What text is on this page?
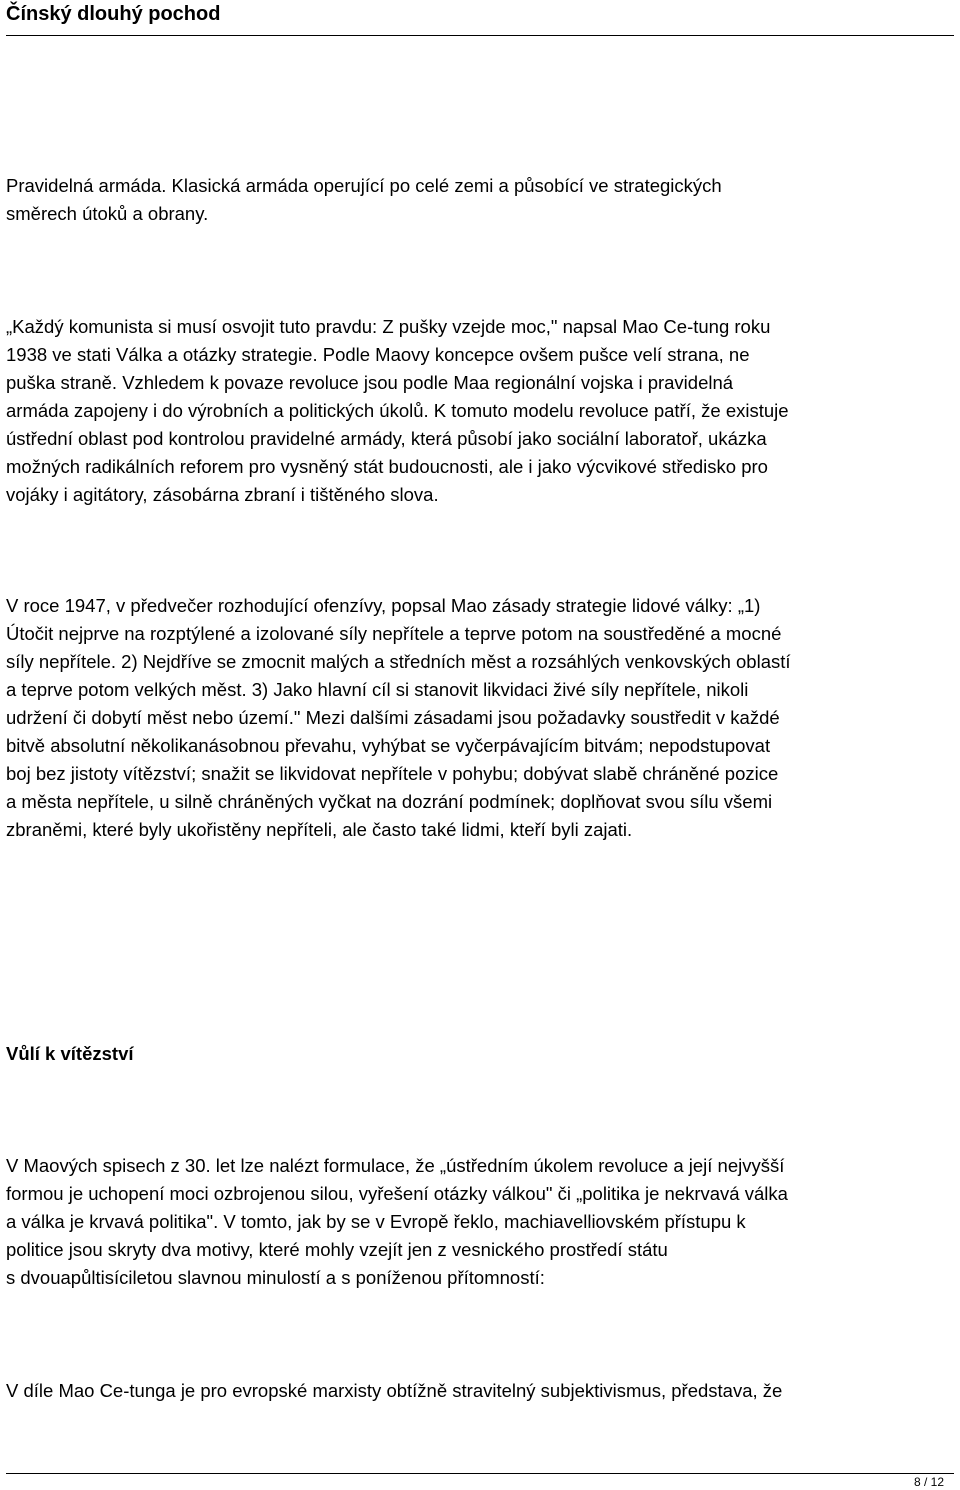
Čínský dlouhý pochod
Pravidelná armáda. Klasická armáda operující po celé zemi a působící ve strategických
směrech útoků a obrany.
„Každý komunista si musí osvojit tuto pravdu: Z pušky vzejde moc," napsal Mao Ce-tung roku
1938 ve stati Válka a otázky strategie. Podle Maovy koncepce ovšem pušce velí strana, ne
puška straně. Vzhledem k povaze revoluce jsou podle Maa regionální vojska i pravidelná
armáda zapojeny i do výrobních a politických úkolů. K tomuto modelu revoluce patří, že existuje
ústřední oblast pod kontrolou pravidelné armády, která působí jako sociální laboratoř, ukázka
možných radikálních reforem pro vysněný stát budoucnosti, ale i jako výcvikové středisko pro
vojáky i agitátory, zásobárna zbraní i tištěného slova.
V roce 1947, v předvečer rozhodující ofenzívy, popsal Mao zásady strategie lidové války: „1)
Útočit nejprve na rozptýlené a izolované síly nepřítele a teprve potom na soustředěné a mocné
síly nepřítele. 2) Nejdříve se zmocnit malých a středních měst a rozsáhlých venkovských oblastí
a teprve potom velkých měst. 3) Jako hlavní cíl si stanovit likvidaci živé síly nepřítele, nikoli
udržení či dobytí měst nebo území." Mezi dalšími zásadami jsou požadavky soustředit v každé
bitvě absolutní několikanásobnou převahu, vyhýbat se vyčerpávajícím bitvám; nepodstupovat
boj bez jistoty vítězství; snažit se likvidovat nepřítele v pohybu; dobývat slabě chráněné pozice
a města nepřítele, u silně chráněných vyčkat na dozrání podmínek; doplňovat svou sílu všemi
zbraněmi, které byly ukořistěny nepříteli, ale často také lidmi, kteří byli zajati.
Vůlí k vítězství
V Maových spisech z 30. let lze nalézt formulace, že „ústředním úkolem revoluce a její nejvyšší
formou je uchopení moci ozbrojenou silou, vyřešení otázky válkou" či „politika je nekrvavá válka
a válka je krvavá politika". V tomto, jak by se v Evropě řeklo, machiavelliovském přístupu k
politice jsou skryty dva motivy, které mohly vzejít jen z vesnického prostředí státu
s dvouapůltisíciletou slavnou minulostí a s poníženou přítomností:
V díle Mao Ce-tunga je pro evropské marxisty obtížně stravitelný subjektivismus, představa, že
8 / 12
